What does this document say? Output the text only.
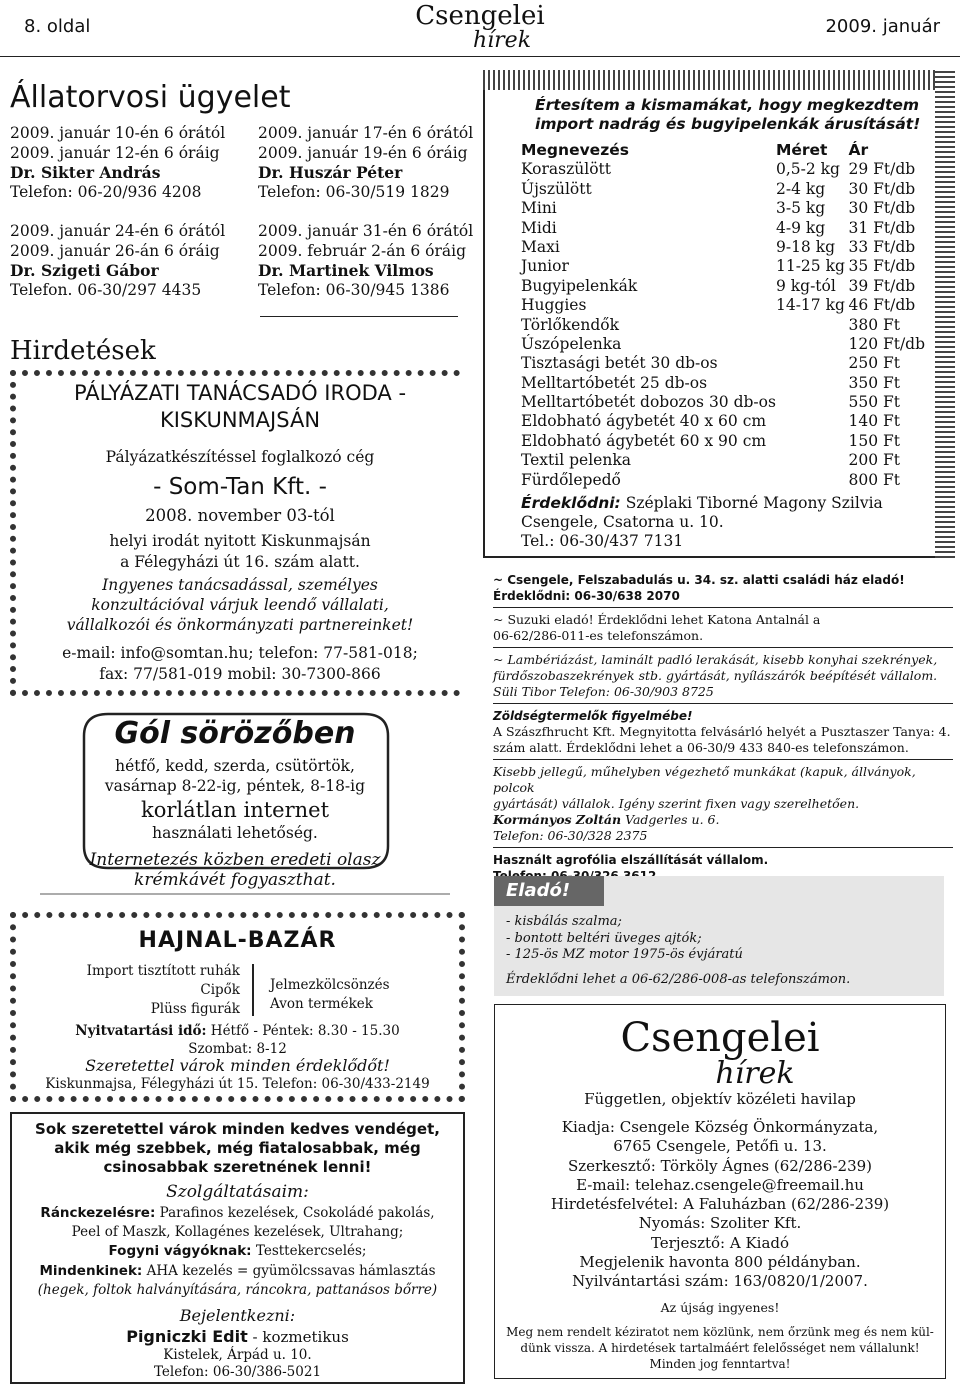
8. oldal	Csengelei
hírek
2009. január
Állatorvosi ügyelet
2009. január 10-én 6 órától
2009. január 12-én 6 óráig
Dr. Sikter András
Telefon: 06-20/936 4208
2009. január 24-én 6 órától
2009. január 26-án 6 óráig
Dr. Szigeti Gábor
Telefon. 06-30/297 4435
2009. január 17-én 6 órától
2009. január 19-én 6 óráig
Dr. Huszár Péter
Telefon: 06-30/519 1829
2009. január 31-én 6 órától
2009. február 2-án 6 óráig
Dr. Martinek Vilmos
Telefon: 06-30/945 1386
Hirdetések
PÁLYÁZATI TANÁCSADÓ IRODA -
KISKUNMAJSÁN
Pályázatkészítéssel foglalkozó cég
- Som-Tan Kft. -
2008. november 03-tól
helyi irodát nyitott Kiskunmajsán
a Félegyházi út 16. szám alatt.
Ingyenes tanácsadással, személyes
konzultációval várjuk leendő vállalati,
vállalkozói és önkormányzati partnereinket!
e-mail: info@somtan.hu; telefon: 77-581-018;
fax: 77/581-019 mobil: 30-7300-866
Gól sörözőben
hétfő, kedd, szerda, csütörtök,
vasárnap 8-22-ig, péntek, 8-18-ig
korlátlan internet
használati lehetőség.
Internetezés közben eredeti olasz
krémkávét fogyaszthat.
HAJNAL-BAZÁR
Import tisztított ruhák
Cipők
Plüss figurák
Jelmezkölcsönzés
Avon termékek
Nyitvatartási idő: Hétfő - Péntek: 8.30 - 15.30
Szombat: 8-12
Szeretettel várok minden érdeklődőt!
Kiskunmajsa, Félegyházi út 15. Telefon: 06-30/433-2149
Sok szeretettel várok minden kedves vendéget, akik még szebbek, még fiatalosabbak, még csinosabbak szeretnének lenni!
Szolgáltatásaim:
Ránckezelésre: Parafinos kezelések, Csokoládé pakolás,
Peel of Maszk, Kollagénes kezelések, Ultrahang;
Fogyni vágyóknak: Testtekercselés;
Mindenkinek: AHA kezelés = gyümölcssavas hámlasztás
(hegek, foltok halványítására, ráncokra, pattanásos bőrre)
Bejelentkezni:
Pigniczki Edit - kozmetikus
Kistelek, Árpád u. 10.
Telefon: 06-30/386-5021
Értesítem a kismamákat, hogy megkezdtem
import nadrág és bugyipelenkák árusítását!
Megnevezés	Méret	Ár
Koraszülött	0,5-2 kg	29 Ft/db
Újszülött	2-4 kg	30 Ft/db
Mini	3-5 kg	30 Ft/db
Midi	4-9 kg	31 Ft/db
Maxi	9-18 kg	33 Ft/db
Junior	11-25 kg	35 Ft/db
Bugyipelenkák	9 kg-tól	39 Ft/db
Huggies	14-17 kg	46 Ft/db
Törlőkendők		380 Ft
Úszópelenka		120 Ft/db
Tisztasági betét 30 db-os		250 Ft
Melltartóbetét 25 db-os		350 Ft
Melltartóbetét dobozos 30 db-os		550 Ft
Eldobható ágybetét 40 x 60 cm		140 Ft
Eldobható ágybetét 60 x 90 cm		150 Ft
Textil pelenka		200 Ft
Fürdőlepedő		800 Ft
Érdeklődni: Széplaki Tiborné Magony Szilvia
Csengele, Csatorna u. 10.
Tel.: 06-30/437 7131
~ Csengele, Felszabadulás u. 34. sz. alatti családi ház eladó!
Érdeklődni: 06-30/638 2070
~ Suzuki eladó! Érdeklődni lehet Katona Antalnál a
06-62/286-011-es telefonszámon.
~ Lambériázást, laminált padló lerakását, kisebb konyhai szekrények,
fürdőszobaszekrények stb. gyártását, nyílászárók beépítését vállalom.
Süli Tibor Telefon: 06-30/903 8725
Zöldségtermelők figyelmébe!
A Szászfhrucht Kft. Megnyitotta felvásárló helyét a Pusztaszer Tanya: 4.
szám alatt. Érdeklődni lehet a 06-30/9 433 840-es telefonszámon.
Kisebb jellegű, műhelyben végezhető munkákat (kapuk, állványok, polcok
gyártását) vállalok. Igény szerint fixen vagy szerelhetően.
Kormányos Zoltán Vadgerles u. 6.
Telefon: 06-30/328 2375
Használt agrofólia elszállítását vállalom.
Eladó!
- kisbálás szalma;
- bontott beltéri üveges ajtók;
- 125-ös MZ motor 1975-ös évjáratú
Érdeklődni lehet a 06-62/286-008-as telefonszámon.
Csengelei
hírek
Független, objektív közéleti havilap
Kiadja: Csengele Község Önkormányzata,
6765 Csengele, Petőfi u. 13.
Szerkesztő: Törköly Ágnes (62/286-239)
E-mail: telehaz.csengele@freemail.hu
Hirdetésfelvétel: A Faluházban (62/286-239)
Nyomás: Szoliter Kft.
Terjesztő: A Kiadó
Megjelenik havonta 800 példányban.
Nyilvántartási szám: 163/0820/1/2007.
Az újság ingyenes!
Meg nem rendelt kéziratot nem közlünk, nem őrzünk meg és nem kül-
dünk vissza. A hirdetések tartalmáért felelősséget nem vállalunk!
Minden jog fenntartva!
